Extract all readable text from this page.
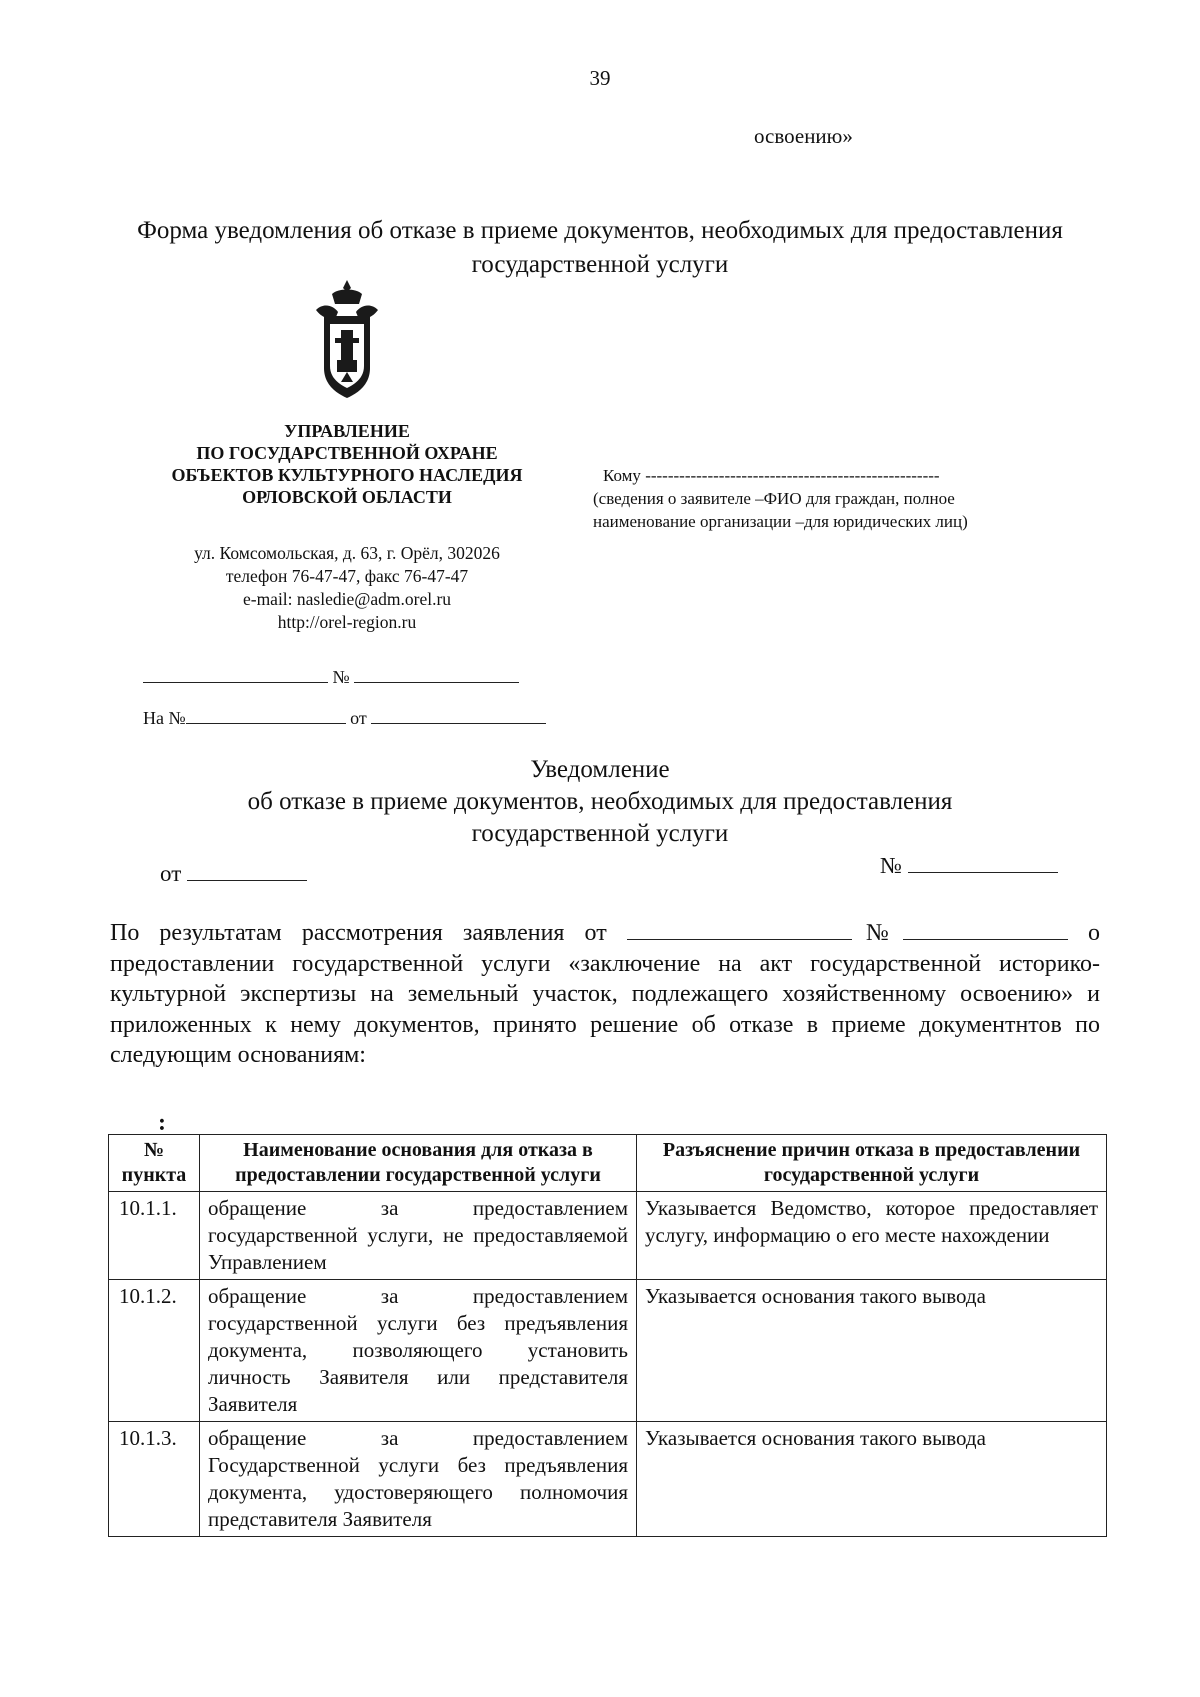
39
освоению»
Форма уведомления об отказе в приеме документов, необходимых для предоставления государственной услуги
УПРАВЛЕНИЕ
ПО ГОСУДАРСТВЕННОЙ ОХРАНЕ
ОБЪЕКТОВ КУЛЬТУРНОГО НАСЛЕДИЯ
ОРЛОВСКОЙ ОБЛАСТИ
ул. Комсомольская, д. 63, г. Орёл, 302026
телефон 76-47-47, факс 76-47-47
e-mail: nasledie@adm.orel.ru
http://orel-region.ru
Кому ----------------------------------------------------
(сведения о заявителе –ФИО для граждан, полное
наименование организации –для юридических лиц)
№
На №	от
Уведомление
об отказе в приеме документов, необходимых для предоставления
государственной услуги
от	№
По результатам рассмотрения заявления от	№	о предоставлении государственной услуги «заключение на акт государственной историко-культурной экспертизы на земельный участок, подлежащего хозяйственному освоению» и приложенных к нему документов, принято решение об отказе в приеме документнтов по следующим основаниям:
:
№ пункта	Наименование основания для отказа в предоставлении государственной услуги	Разъяснение причин отказа в предоставлении государственной услуги
10.1.1.	обращение за предоставлением государственной услуги, не предоставляемой Управлением	Указывается Ведомство, которое предоставляет услугу, информацию о его месте нахождении
10.1.2.	обращение за предоставлением государственной услуги без предъявления документа, позволяющего установить личность Заявителя или представителя Заявителя	Указывается основания такого вывода
10.1.3.	обращение за предоставлением Государственной услуги без предъявления документа, удостоверяющего полномочия представителя Заявителя	Указывается основания такого вывода
